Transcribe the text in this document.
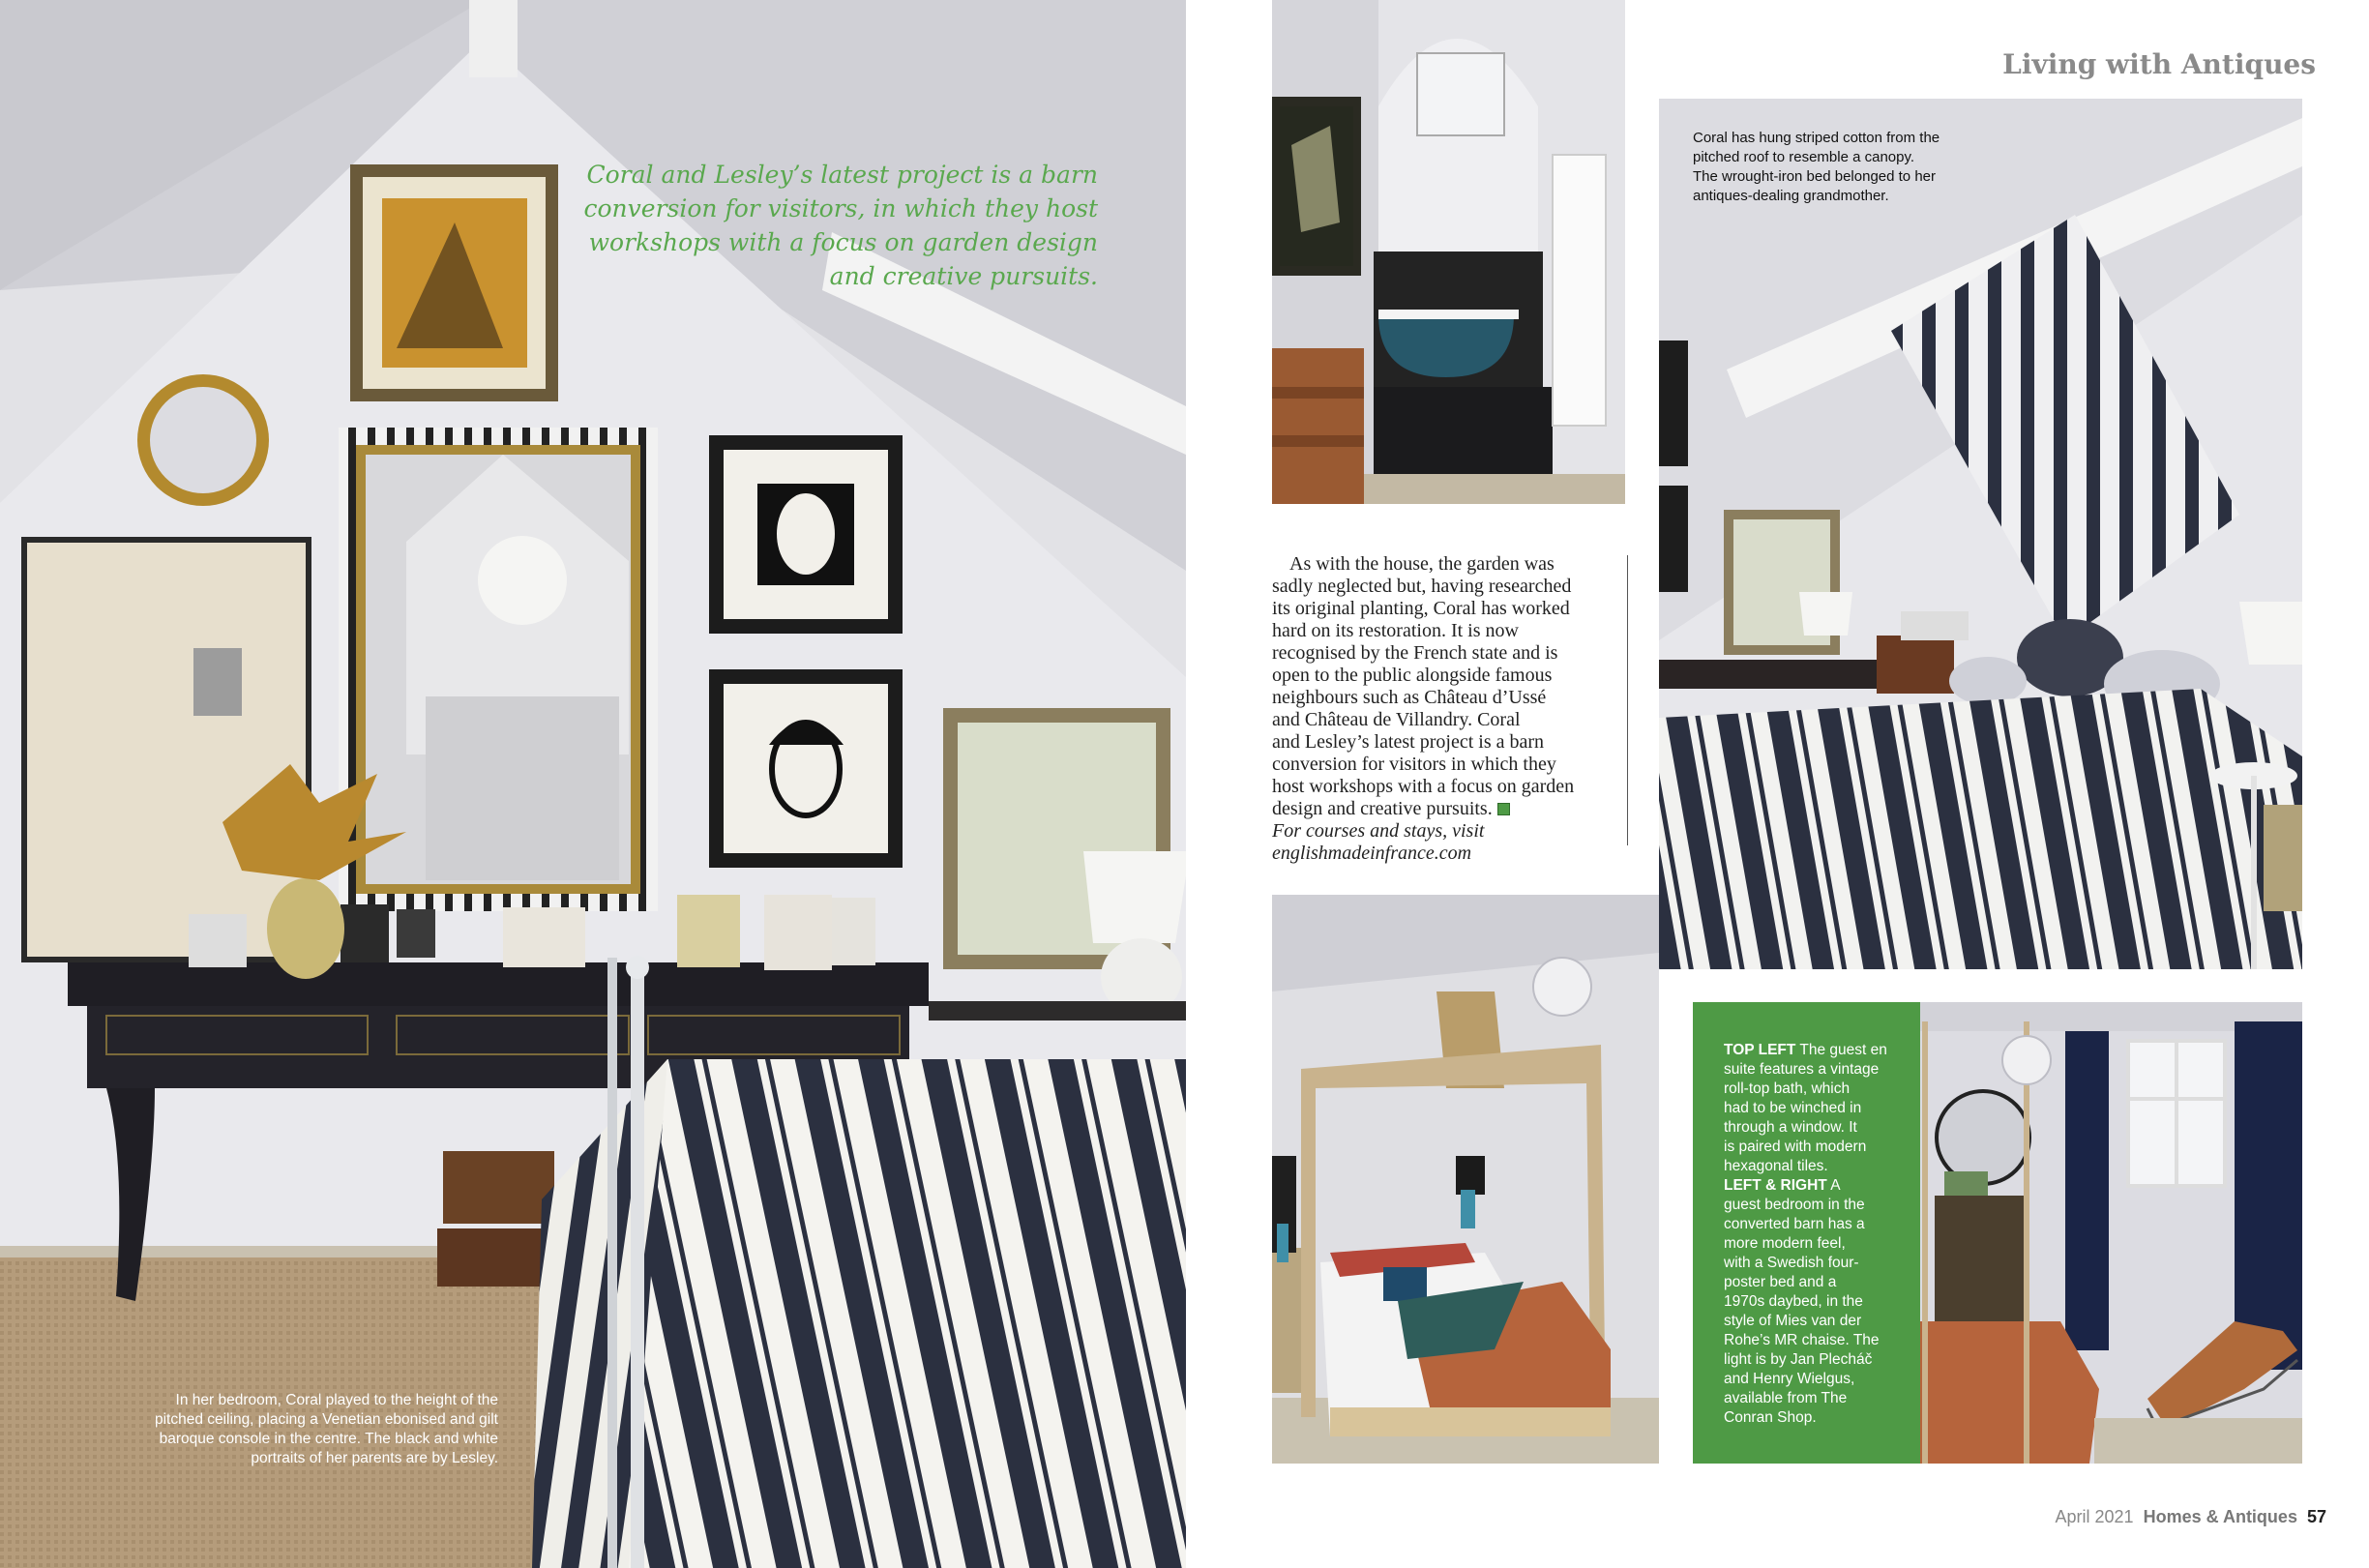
Coral and Lesley’s latest project is a barn
conversion for visitors, in which they host
workshops with a focus on garden design
and creative pursuits.
In her bedroom, Coral played to the height of the
pitched ceiling, placing a Venetian ebonised and gilt
baroque console in the centre. The black and white
portraits of her parents are by Lesley.
Living with Antiques
Coral has hung striped cotton from the
pitched roof to resemble a canopy.
The wrought-iron bed belonged to her
antiques-dealing grandmother.
As with the house, the garden was
sadly neglected but, having researched
its original planting, Coral has worked
hard on its restoration. It is now
recognised by the French state and is
open to the public alongside famous
neighbours such as Château d’Ussé
and Château de Villandry. Coral
and Lesley’s latest project is a barn
conversion for visitors in which they
host workshops with a focus on garden
design and creative pursuits.
For courses and stays, visit
englishmadeinfrance.com
TOP LEFT The guest en
suite features a vintage
roll-top bath, which
had to be winched in
through a window. It
is paired with modern
hexagonal tiles.
LEFT & RIGHT A
guest bedroom in the
converted barn has a
more modern feel,
with a Swedish four-
poster bed and a
1970s daybed, in the
style of Mies van der
Rohe’s MR chaise. The
light is by Jan Plecháč
and Henry Wielgus,
available from The
Conran Shop.
April 2021 Homes & Antiques 57
